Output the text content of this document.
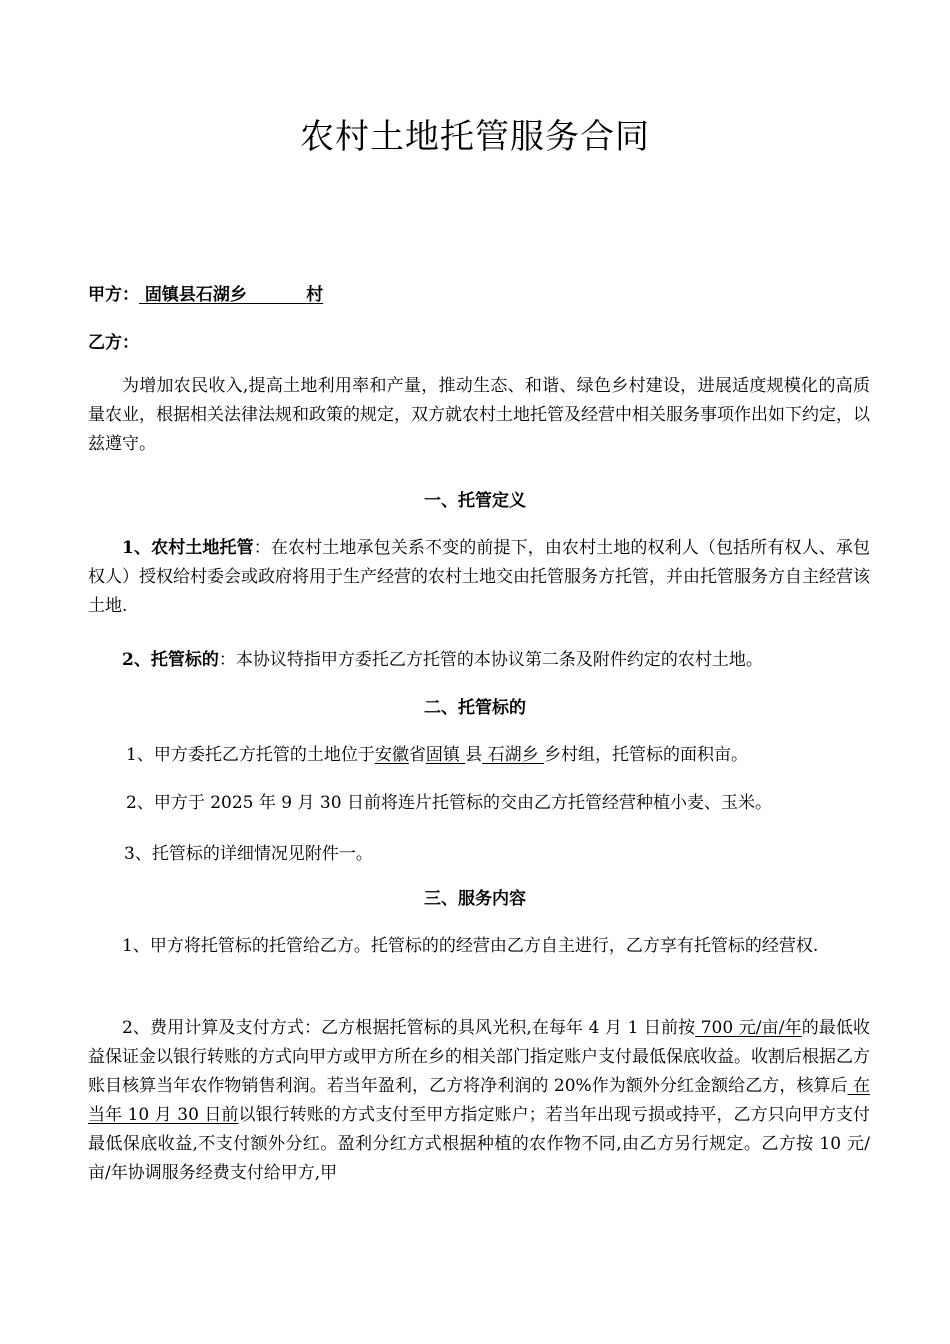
农村土地托管服务合同
甲方： 固镇县石湖乡	村
乙方：
为增加农民收入,提高土地利用率和产量，推动生态、和谐、绿色乡村建设，进展适度规模化的高质量农业，根据相关法律法规和政策的规定，双方就农村土地托管及经营中相关服务事项作出如下约定，以兹遵守。
一、托管定义
1、农村土地托管：在农村土地承包关系不变的前提下，由农村土地的权利人（包括所有权人、承包权人）授权给村委会或政府将用于生产经营的农村土地交由托管服务方托管，并由托管服务方自主经营该土地.
2、托管标的：本协议特指甲方委托乙方托管的本协议第二条及附件约定的农村土地。
二、托管标的
1、甲方委托乙方托管的土地位于安徽省固镇 县 石湖乡 乡村组，托管标的面积亩。
2、甲方于 2025 年 9 月 30 日前将连片托管标的交由乙方托管经营种植小麦、玉米。
3、托管标的详细情况见附件一。
三、服务内容
1、甲方将托管标的托管给乙方。托管标的的经营由乙方自主进行，乙方享有托管标的经营权.
2、费用计算及支付方式：乙方根据托管标的具风光积,在每年 4 月 1 日前按 700 元/亩/年的最低收益保证金以银行转账的方式向甲方或甲方所在乡的相关部门指定账户支付最低保底收益。收割后根据乙方账目核算当年农作物销售利润。若当年盈利，乙方将净利润的 20%作为额外分红金额给乙方，核算后 在当年 10 月 30 日前以银行转账的方式支付至甲方指定账户；若当年出现亏损或持平，乙方只向甲方支付最低保底收益,不支付额外分红。盈利分红方式根据种植的农作物不同,由乙方另行规定。乙方按 10 元/亩/年协调服务经费支付给甲方,甲
